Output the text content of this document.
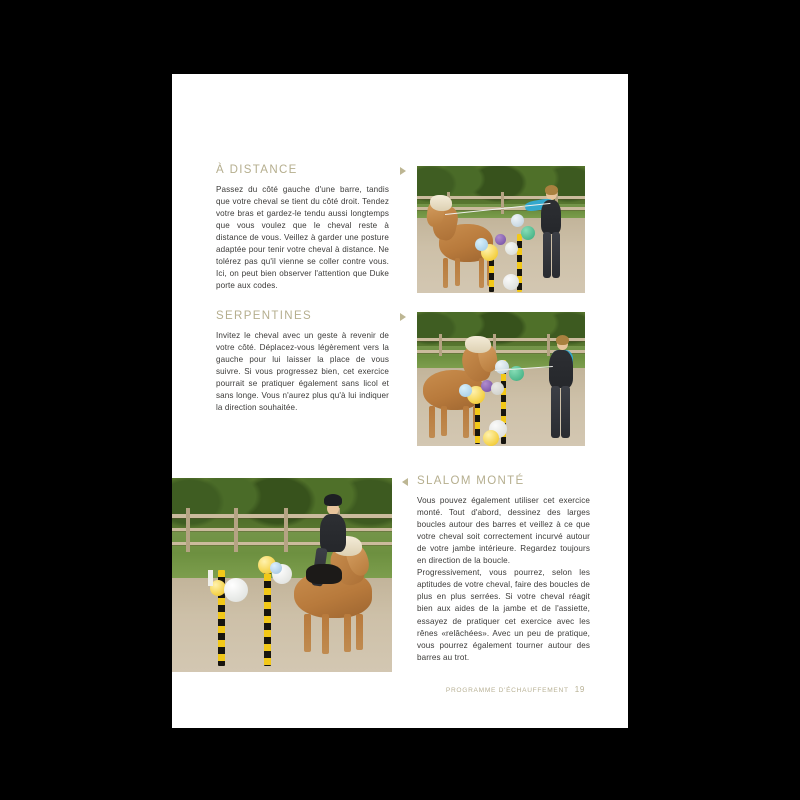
À DISTANCE

Passez du côté gauche d'une barre, tandis que votre cheval se tient du côté droit. Tendez votre bras et gardez-le tendu aussi longtemps que vous voulez que le cheval reste à distance de vous. Veillez à garder une posture adaptée pour tenir votre cheval à distance. Ne tolérez pas qu'il vienne se coller contre vous. Ici, on peut bien observer l'attention que Duke porte aux codes.

SERPENTINES

Invitez le cheval avec un geste à revenir de votre côté. Déplacez-vous légèrement vers la gauche pour lui laisser la place de vous suivre. Si vous progressez bien, cet exercice pourrait se pratiquer également sans licol et sans longe. Vous n'aurez plus qu'à lui indiquer la direction souhaitée.

SLALOM MONTÉ

Vous pouvez également utiliser cet exercice monté. Tout d'abord, dessinez des larges boucles autour des barres et veillez à ce que votre cheval soit correctement incurvé autour de votre jambe intérieure. Regardez toujours en direction de la boucle.

Progressivement, vous pourrez, selon les aptitudes de votre cheval, faire des boucles de plus en plus serrées. Si votre cheval réagit bien aux aides de la jambe et de l'assiette, essayez de pratiquer cet exercice avec les rênes «relâchées». Avec un peu de pratique, vous pourrez également tourner autour des barres au trot.

PROGRAMME D'ÉCHAUFFEMENT 19
